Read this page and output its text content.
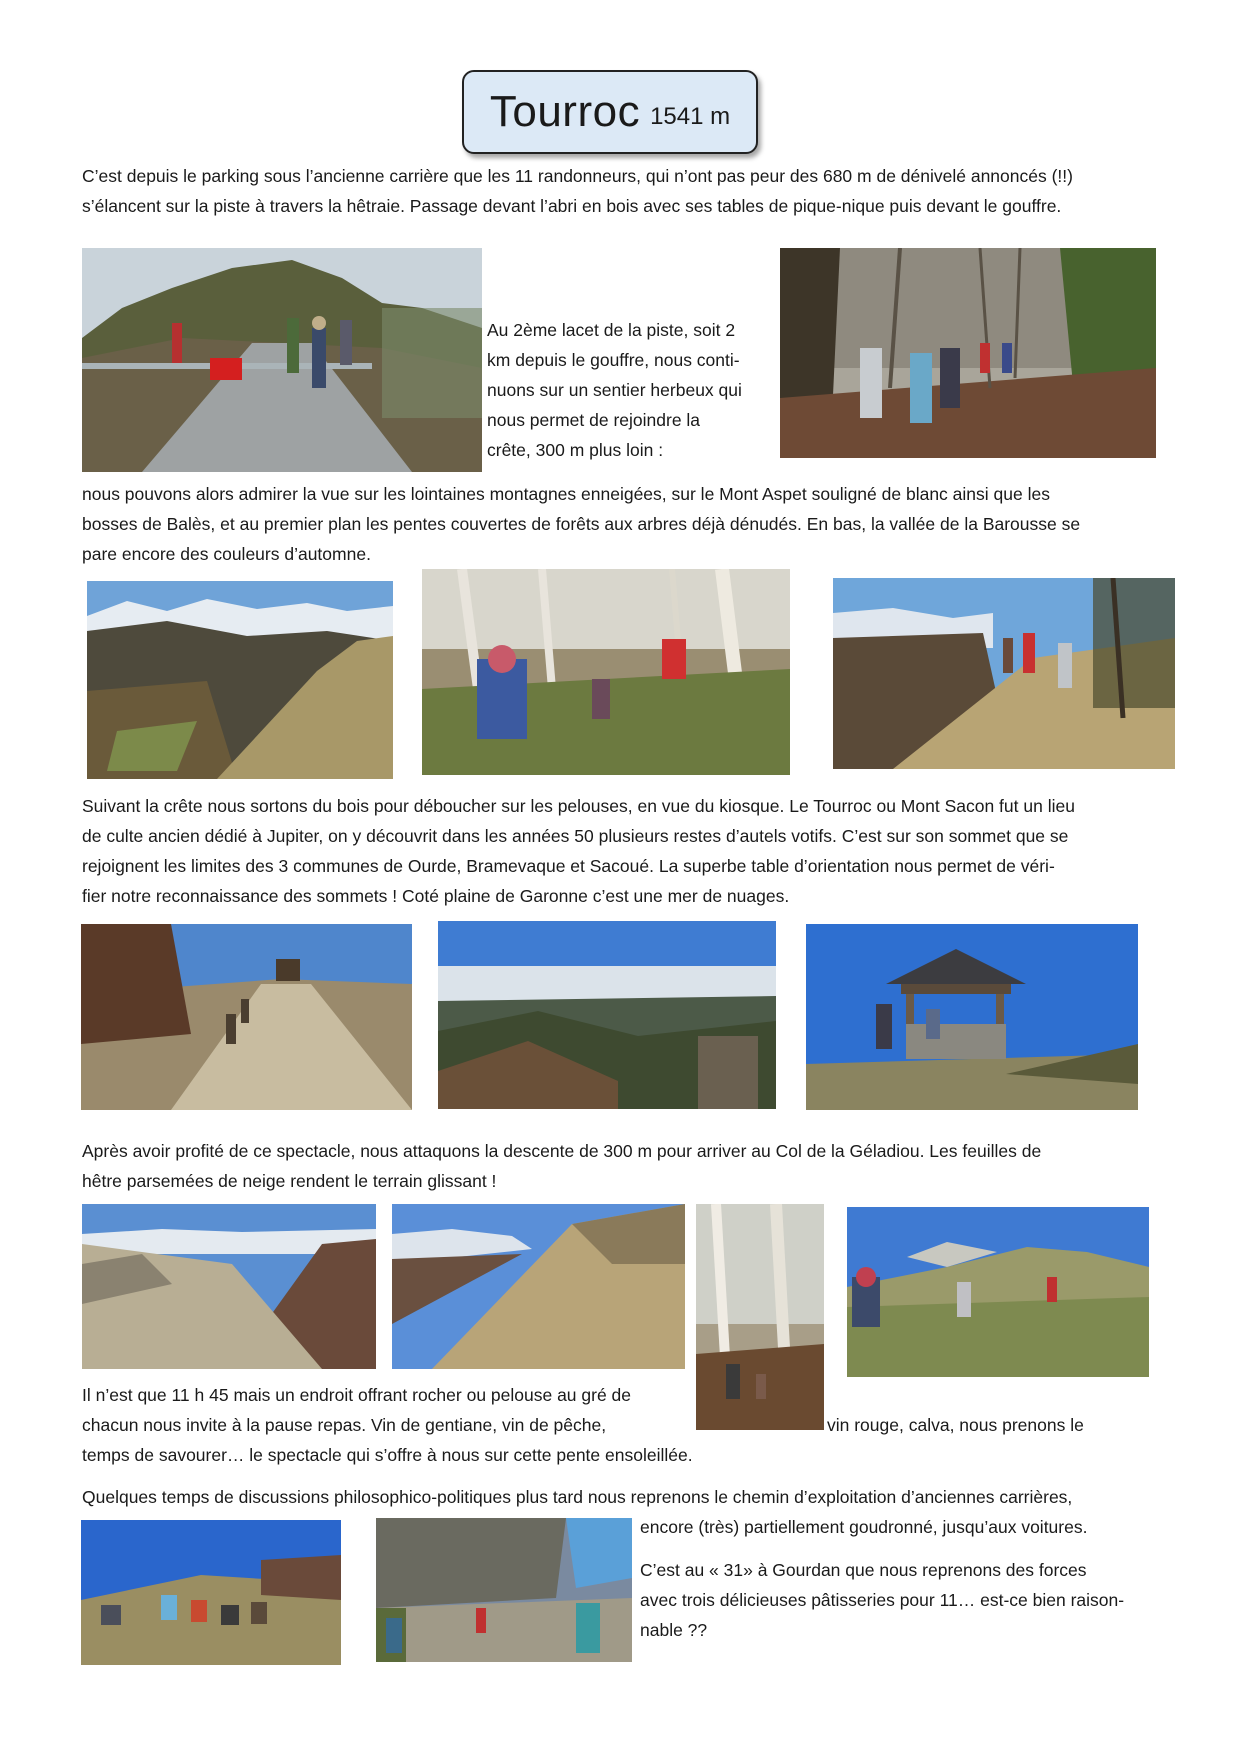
Tourroc 1541 m

C’est depuis le parking sous l’ancienne carrière que les 11 randonneurs, qui n’ont pas peur des 680 m de dénivelé annoncés (!!)

s’élancent sur la piste à travers la hêtraie. Passage devant l’abri en bois avec ses tables de pique-nique puis devant le gouffre.

Au 2ème lacet de la piste, soit 2

km depuis le gouffre, nous conti-

nuons sur un sentier herbeux qui

nous permet de rejoindre la

crête, 300 m plus loin :

nous pouvons alors admirer la vue sur les lointaines montagnes enneigées, sur le Mont Aspet souligné de blanc ainsi que les

bosses de Balès, et au premier plan les pentes couvertes de forêts aux arbres déjà dénudés. En bas, la vallée de la Barousse se

pare encore des couleurs d’automne.

Suivant la crête nous sortons du bois pour déboucher sur les pelouses, en vue du kiosque. Le Tourroc ou Mont Sacon fut un lieu

de culte ancien dédié à Jupiter, on y découvrit dans les années 50 plusieurs restes d’autels votifs. C’est sur son sommet que se

rejoignent les limites des 3 communes de Ourde, Bramevaque et Sacoué. La superbe table d’orientation nous permet de véri-

fier notre reconnaissance des sommets ! Coté plaine de Garonne c’est une mer de nuages.

Après avoir profité de ce spectacle, nous attaquons la descente de 300 m pour arriver au Col de la Géladiou. Les feuilles de

hêtre parsemées de neige rendent le terrain glissant !

Il n’est que 11 h 45 mais un endroit offrant rocher ou pelouse au gré de

chacun nous invite à la pause repas. Vin de gentiane, vin de pêche,	vin rouge, calva, nous prenons le

temps de savourer… le spectacle qui s’offre à nous sur cette pente ensoleillée.

Quelques temps de discussions philosophico-politiques plus tard nous reprenons le chemin d’exploitation d’anciennes carrières,

encore (très) partiellement goudronné, jusqu’aux voitures.

C’est au « 31» à Gourdan que nous reprenons des forces

avec trois délicieuses pâtisseries pour 11… est-ce bien raison-

nable ??
